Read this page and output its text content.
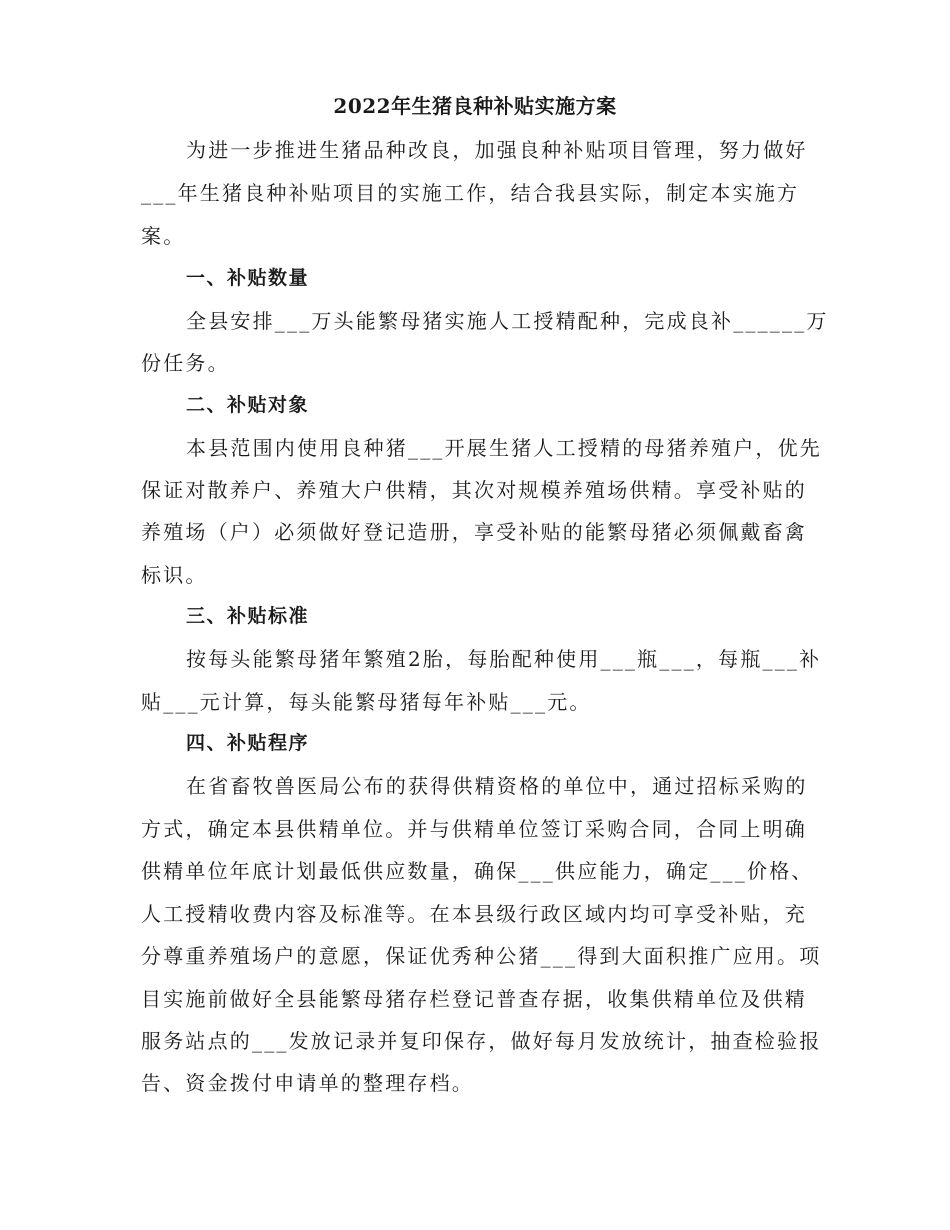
2022年生猪良种补贴实施方案
为进一步推进生猪品种改良，加强良种补贴项目管理，努力做好
___年生猪良种补贴项目的实施工作，结合我县实际，制定本实施方
案。
一、补贴数量
全县安排___万头能繁母猪实施人工授精配种，完成良补______万
份任务。
二、补贴对象
本县范围内使用良种猪___开展生猪人工授精的母猪养殖户，优先
保证对散养户、养殖大户供精，其次对规模养殖场供精。享受补贴的
养殖场（户）必须做好登记造册，享受补贴的能繁母猪必须佩戴畜禽
标识。
三、补贴标准
按每头能繁母猪年繁殖2胎，每胎配种使用___瓶___，每瓶___补
贴___元计算，每头能繁母猪每年补贴___元。
四、补贴程序
在省畜牧兽医局公布的获得供精资格的单位中，通过招标采购的
方式，确定本县供精单位。并与供精单位签订采购合同，合同上明确
供精单位年底计划最低供应数量，确保___供应能力，确定___价格、
人工授精收费内容及标准等。在本县级行政区域内均可享受补贴，充
分尊重养殖场户的意愿，保证优秀种公猪___得到大面积推广应用。项
目实施前做好全县能繁母猪存栏登记普查存据，收集供精单位及供精
服务站点的___发放记录并复印保存，做好每月发放统计，抽查检验报
告、资金拨付申请单的整理存档。
